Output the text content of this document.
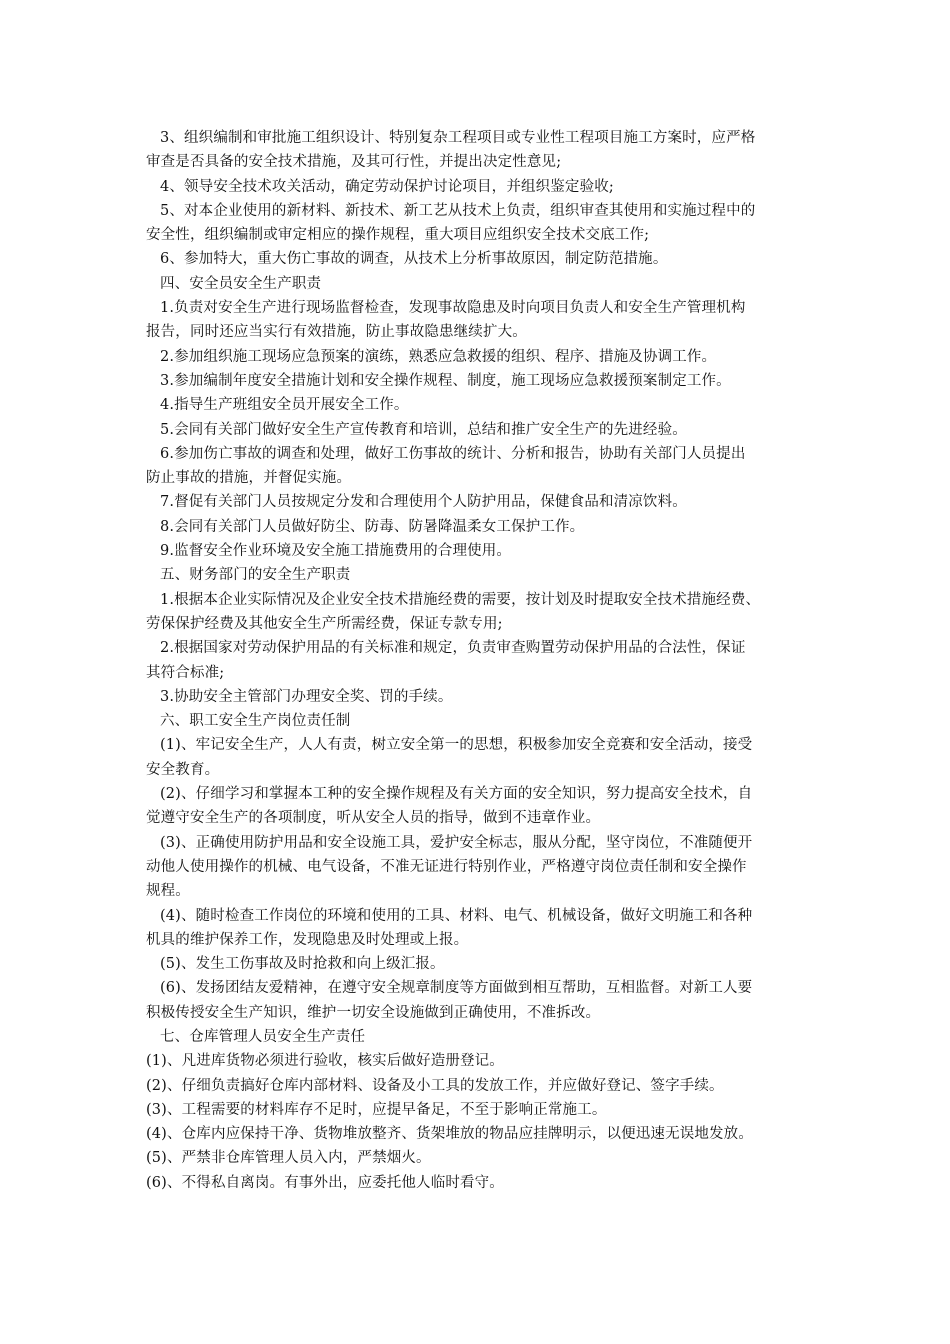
3、组织编制和审批施工组织设计、特别复杂工程项目或专业性工程项目施工方案时，应严格
审查是否具备的安全技术措施，及其可行性，并提出决定性意见;
4、领导安全技术攻关活动，确定劳动保护讨论项目，并组织鉴定验收;
5、对本企业使用的新材料、新技术、新工艺从技术上负责，组织审查其使用和实施过程中的
安全性，组织编制或审定相应的操作规程，重大项目应组织安全技术交底工作;
6、参加特大，重大伤亡事故的调查，从技术上分析事故原因，制定防范措施。
四、安全员安全生产职责
1.负责对安全生产进行现场监督检查，发现事故隐患及时向项目负责人和安全生产管理机构
报告，同时还应当实行有效措施，防止事故隐患继续扩大。
2.参加组织施工现场应急预案的演练，熟悉应急救援的组织、程序、措施及协调工作。
3.参加编制年度安全措施计划和安全操作规程、制度，施工现场应急救援预案制定工作。
4.指导生产班组安全员开展安全工作。
5.会同有关部门做好安全生产宣传教育和培训，总结和推广安全生产的先进经验。
6.参加伤亡事故的调查和处理，做好工伤事故的统计、分析和报告，协助有关部门人员提出
防止事故的措施，并督促实施。
7.督促有关部门人员按规定分发和合理使用个人防护用品，保健食品和清凉饮料。
8.会同有关部门人员做好防尘、防毒、防暑降温柔女工保护工作。
9.监督安全作业环境及安全施工措施费用的合理使用。
五、财务部门的安全生产职责
1.根据本企业实际情况及企业安全技术措施经费的需要，按计划及时提取安全技术措施经费、
劳保保护经费及其他安全生产所需经费，保证专款专用;
2.根据国家对劳动保护用品的有关标准和规定，负责审查购置劳动保护用品的合法性，保证
其符合标准;
3.协助安全主管部门办理安全奖、罚的手续。
六、职工安全生产岗位责任制
(1)、牢记安全生产，人人有责，树立安全第一的思想，积极参加安全竞赛和安全活动，接受
安全教育。
(2)、仔细学习和掌握本工种的安全操作规程及有关方面的安全知识，努力提高安全技术，自
觉遵守安全生产的各项制度，听从安全人员的指导，做到不违章作业。
(3)、正确使用防护用品和安全设施工具，爱护安全标志，服从分配，坚守岗位，不准随便开
动他人使用操作的机械、电气设备，不准无证进行特别作业，严格遵守岗位责任制和安全操作
规程。
(4)、随时检查工作岗位的环境和使用的工具、材料、电气、机械设备，做好文明施工和各种
机具的维护保养工作，发现隐患及时处理或上报。
(5)、发生工伤事故及时抢救和向上级汇报。
(6)、发扬团结友爱精神，在遵守安全规章制度等方面做到相互帮助，互相监督。对新工人要
积极传授安全生产知识，维护一切安全设施做到正确使用，不准拆改。
七、仓库管理人员安全生产责任
(1)、凡进库货物必须进行验收，核实后做好造册登记。
(2)、仔细负责搞好仓库内部材料、设备及小工具的发放工作，并应做好登记、签字手续。
(3)、工程需要的材料库存不足时，应提早备足，不至于影响正常施工。
(4)、仓库内应保持干净、货物堆放整齐、货架堆放的物品应挂牌明示，以便迅速无误地发放。
(5)、严禁非仓库管理人员入内，严禁烟火。
(6)、不得私自离岗。有事外出，应委托他人临时看守。
